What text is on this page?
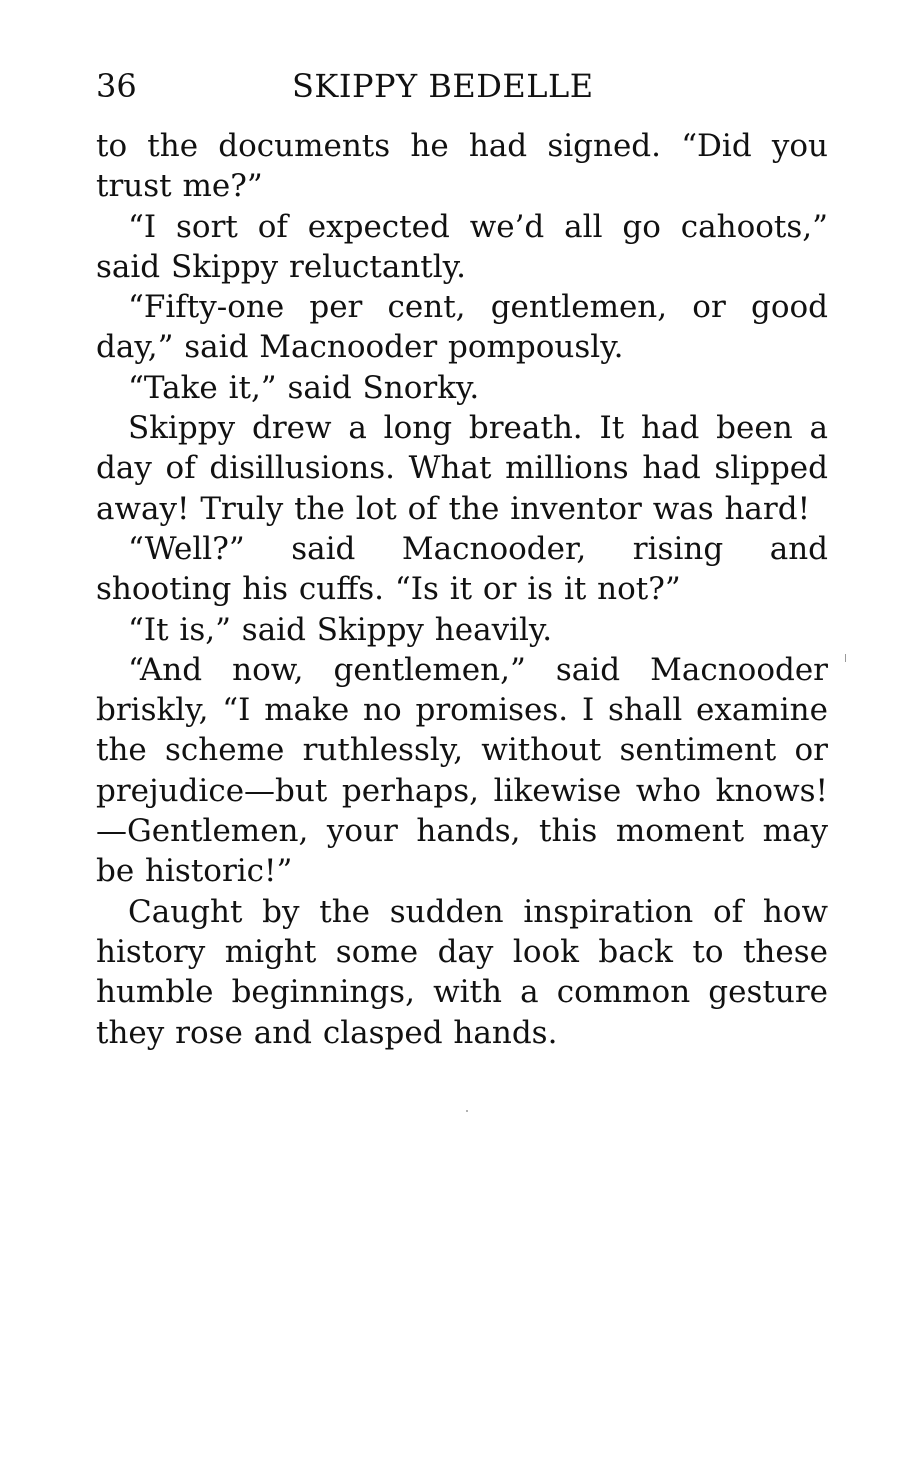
36	SKIPPY BEDELLE

to the documents he had signed. “Did you trust me?”

“I sort of expected we’d all go cahoots,” said Skippy reluctantly.

“Fifty-one per cent, gentlemen, or good day,” said Macnooder pompously.

“Take it,” said Snorky.

Skippy drew a long breath. It had been a day of disillusions. What millions had slipped away! Truly the lot of the inventor was hard!

“Well?” said Macnooder, rising and shooting his cuffs. “Is it or is it not?”

“It is,” said Skippy heavily.

“And now, gentlemen,” said Macnooder briskly, “I make no promises. I shall examine the scheme ruthlessly, without sentiment or prejudice—but perhaps, likewise who knows! —Gentlemen, your hands, this moment may be historic!”

Caught by the sudden inspiration of how history might some day look back to these humble beginnings, with a common gesture they rose and clasped hands.
